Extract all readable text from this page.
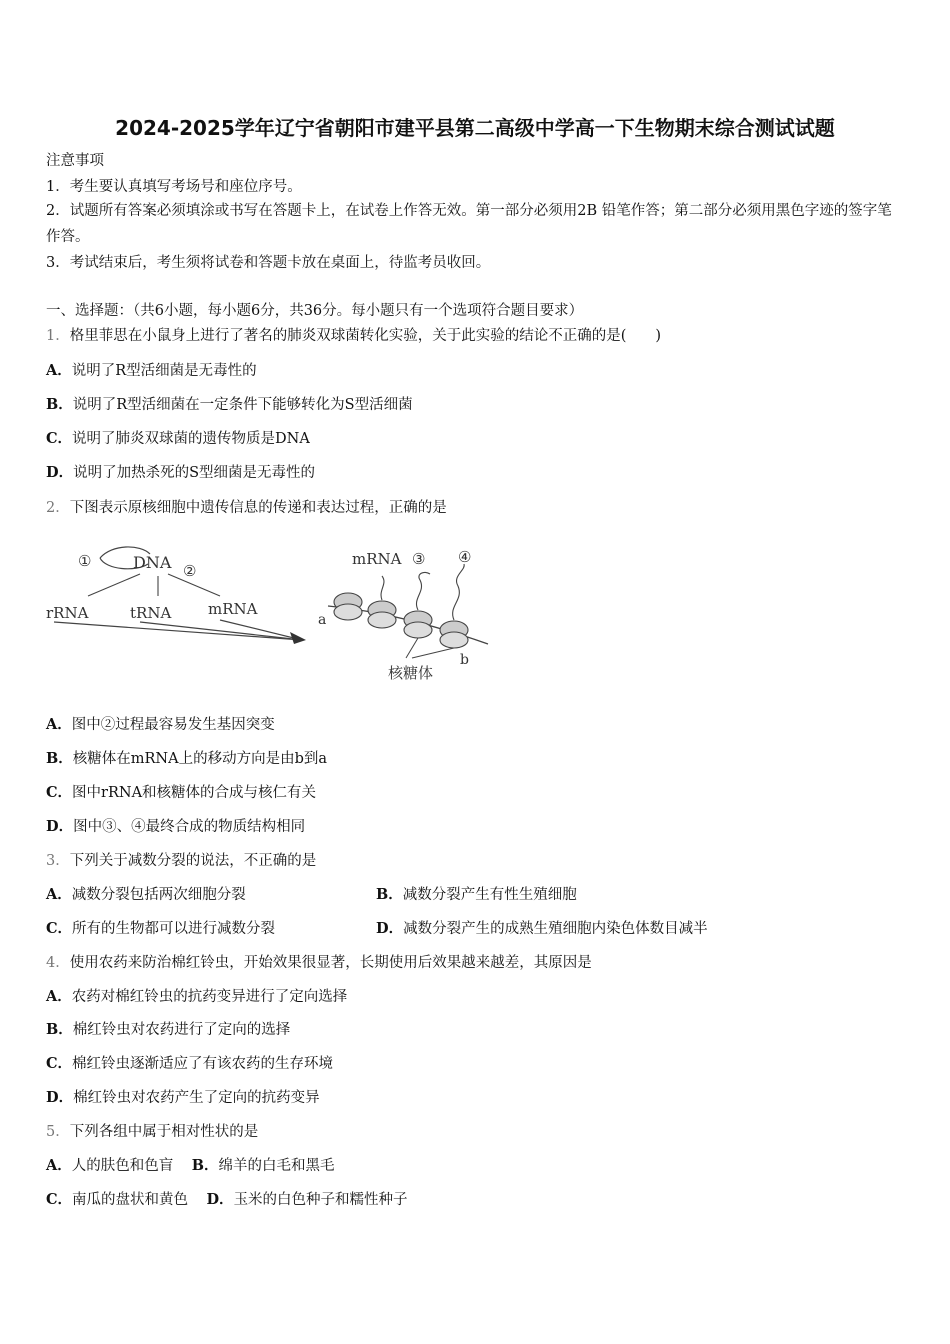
2024-2025学年辽宁省朝阳市建平县第二高级中学高一下生物期末综合测试试题
注意事项
1．考生要认真填写考场号和座位序号。
2．试题所有答案必须填涂或书写在答题卡上，在试卷上作答无效。第一部分必须用2B 铅笔作答；第二部分必须用黑色字迹的签字笔作答。
3．考试结束后，考生须将试卷和答题卡放在桌面上，待监考员收回。
一、选择题：（共6小题，每小题6分，共36分。每小题只有一个选项符合题目要求）
1．格里菲思在小鼠身上进行了著名的肺炎双球菌转化实验，关于此实验的结论不正确的是(　　)
A．说明了R型活细菌是无毒性的
B．说明了R型活细菌在一定条件下能够转化为S型活细菌
C．说明了肺炎双球菌的遗传物质是DNA
D．说明了加热杀死的S型细菌是无毒性的
2．下图表示原核细胞中遗传信息的传递和表达过程，正确的是
①	DNA ②
rRNA	tRNA mRNA
mRNA ③ ④
a
核糖体
b
A．图中②过程最容易发生基因突变
B．核糖体在mRNA上的移动方向是由b到a
C．图中rRNA和核糖体的合成与核仁有关
D．图中③、④最终合成的物质结构相同
3．下列关于减数分裂的说法，不正确的是
A．减数分裂包括两次细胞分裂	B．减数分裂产生有性生殖细胞
C．所有的生物都可以进行减数分裂	D．减数分裂产生的成熟生殖细胞内染色体数目减半
4．使用农药来防治棉红铃虫，开始效果很显著，长期使用后效果越来越差，其原因是
A．农药对棉红铃虫的抗药变异进行了定向选择
B．棉红铃虫对农药进行了定向的选择
C．棉红铃虫逐渐适应了有该农药的生存环境
D．棉红铃虫对农药产生了定向的抗药变异
5．下列各组中属于相对性状的是
A．人的肤色和色盲 B．绵羊的白毛和黑毛
C．南瓜的盘状和黄色 D．玉米的白色种子和糯性种子
